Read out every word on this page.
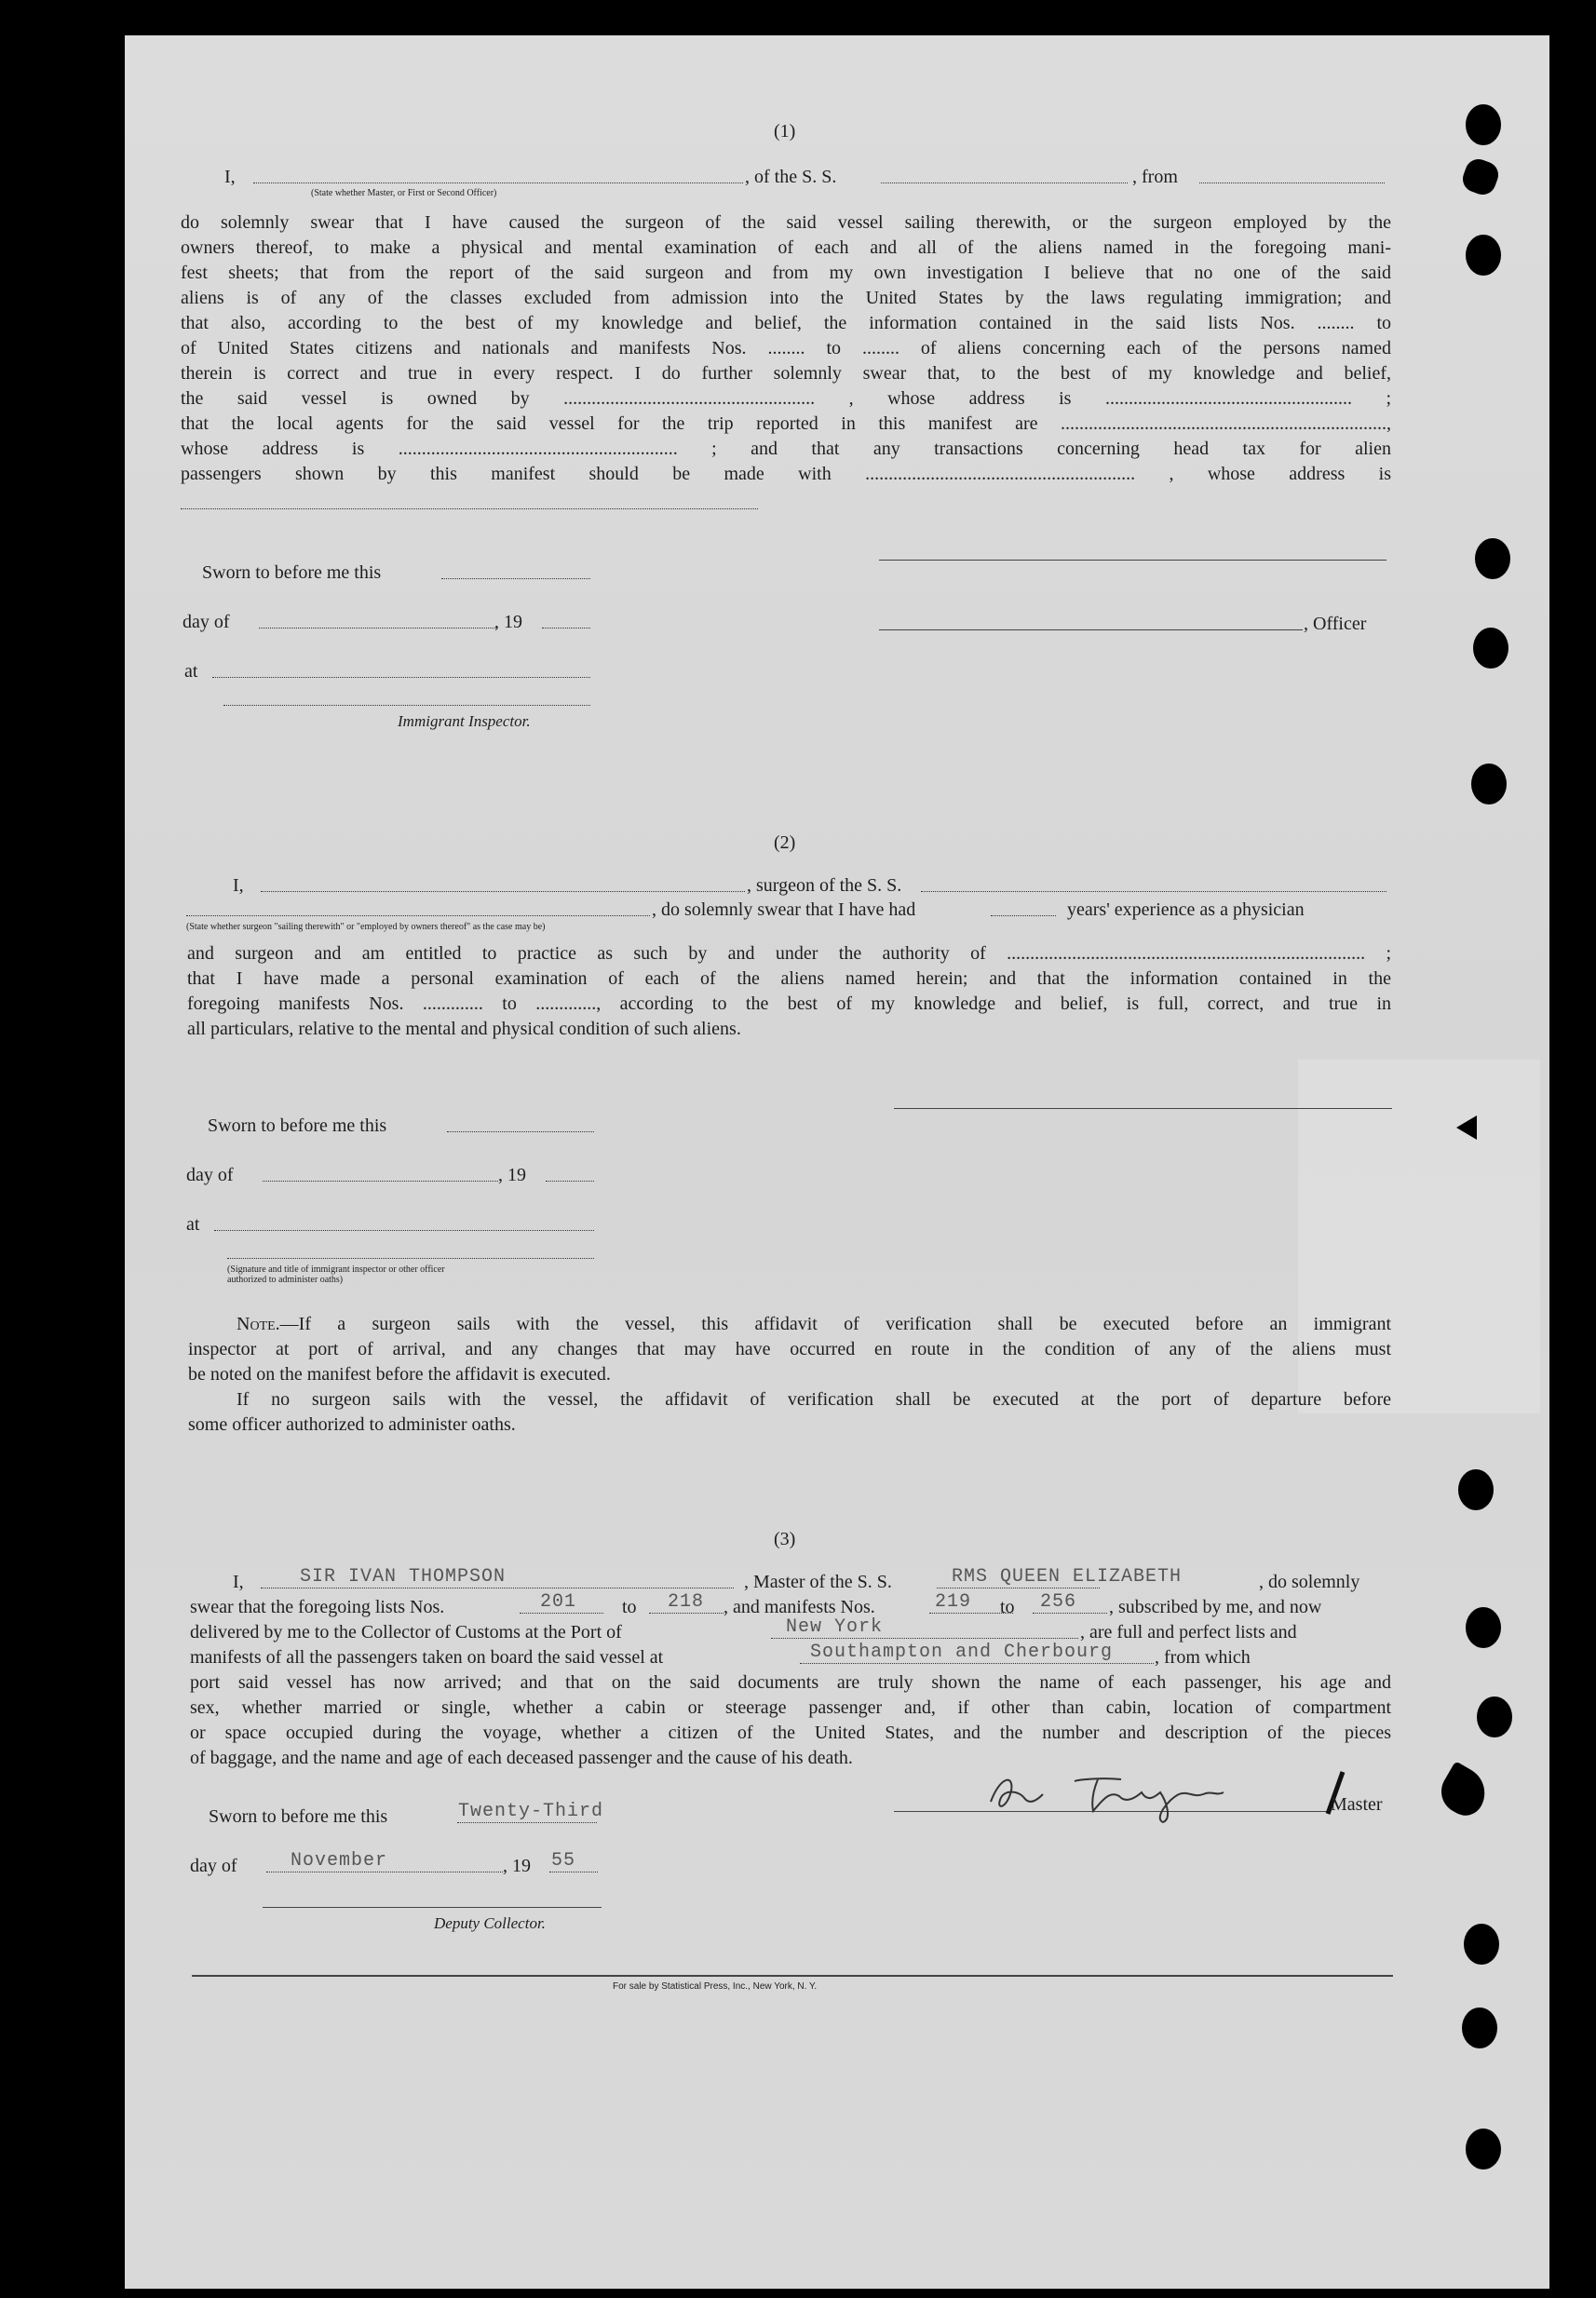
(1)
I,	, of the S. S.	, from
(State whether Master, or First or Second Officer)
do solemnly swear that I have caused the surgeon of the said vessel sailing therewith, or the surgeon employed by the
owners thereof, to make a physical and mental examination of each and all of the aliens named in the foregoing mani-
fest sheets; that from the report of the said surgeon and from my own investigation I believe that no one of the said
aliens is of any of the classes excluded from admission into the United States by the laws regulating immigration; and
that also, according to the best of my knowledge and belief, the information contained in the said lists Nos. ........ to
of United States citizens and nationals and manifests Nos. ........ to ........ of aliens concerning each of the persons named
therein is correct and true in every respect. I do further solemnly swear that, to the best of my knowledge and belief,
the said vessel is owned by ...................................................... , whose address is ..................................................... ;
that the local agents for the said vessel for the trip reported in this manifest are ......................................................................,
whose address is ............................................................ ; and that any transactions concerning head tax for alien
passengers shown by this manifest should be made with .......................................................... , whose address is
Sworn to before me this
day of	, 19	, Officer
at
Immigrant Inspector.
(2)
I,	, surgeon of the S. S.
, do solemnly swear that I have had	years' experience as a physician
(State whether surgeon "sailing therewith" or "employed by owners thereof" as the case may be)
and surgeon and am entitled to practice as such by and under the authority of ............................................................................. ;
that I have made a personal examination of each of the aliens named herein; and that the information contained in the
foregoing manifests Nos. ............. to ............., according to the best of my knowledge and belief, is full, correct, and true in
all particulars, relative to the mental and physical condition of such aliens.
Sworn to before me this
day of	, 19
at
(Signature and title of immigrant inspector or other officer authorized to administer oaths)
Note.—If a surgeon sails with the vessel, this affidavit of verification shall be executed before an immigrant
inspector at port of arrival, and any changes that may have occurred en route in the condition of any of the aliens must
be noted on the manifest before the affidavit is executed.
If no surgeon sails with the vessel, the affidavit of verification shall be executed at the port of departure before
some officer authorized to administer oaths.
(3)
I,	SIR IVAN THOMPSON	, Master of the S. S.	RMS QUEEN ELIZABETH	, do solemnly
swear that the foregoing lists Nos.	201 to 218 , and manifests Nos.	219 to 256 , subscribed by me, and now
delivered by me to the Collector of Customs at the Port of	New York	, are full and perfect lists and
manifests of all the passengers taken on board the said vessel at	Southampton and Cherbourg , from which
port said vessel has now arrived; and that on the said documents are truly shown the name of each passenger, his age and
sex, whether married or single, whether a cabin or steerage passenger and, if other than cabin, location of compartment
or space occupied during the voyage, whether a citizen of the United States, and the number and description of the pieces
of baggage, and the name and age of each deceased passenger and the cause of his death.
Sworn to before me this	Twenty-Third	Master
day of	November	, 19 55
Deputy Collector.
For sale by Statistical Press, Inc., New York, N. Y.
